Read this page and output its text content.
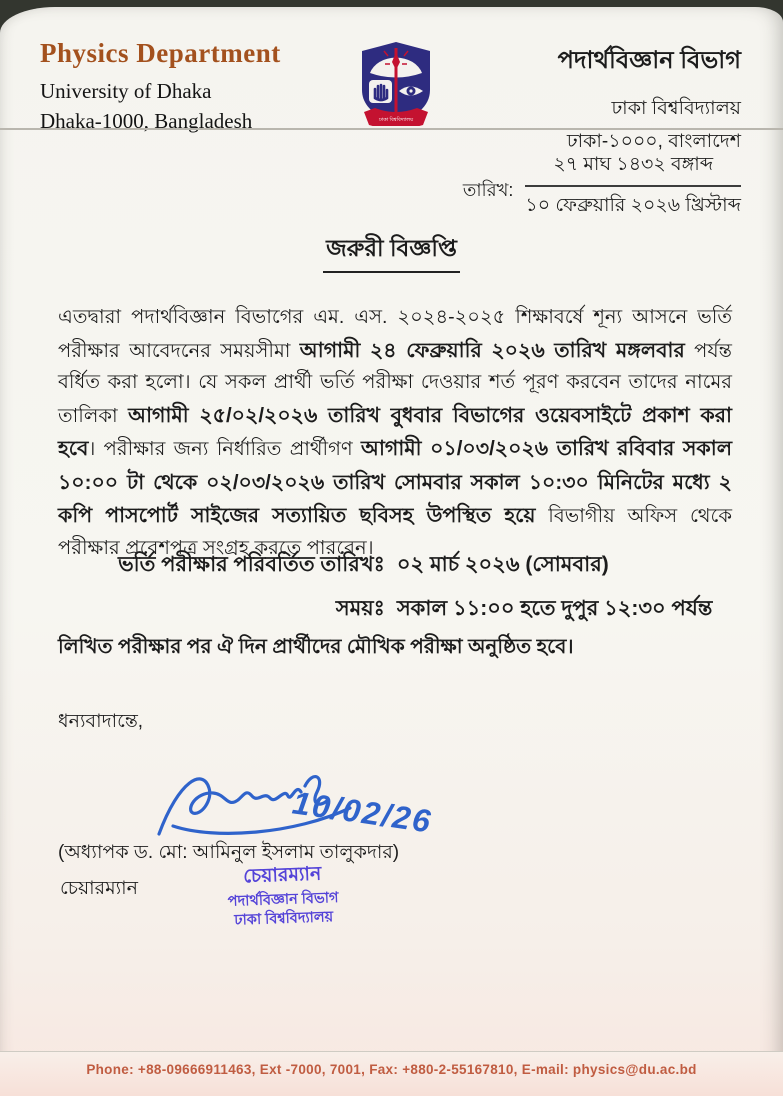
Physics Department
University of Dhaka
Dhaka-1000, Bangladesh	ঢাকা বিশ্ববিদ্যালয়
পদার্থবিজ্ঞান বিভাগ
ঢাকা বিশ্ববিদ্যালয়
ঢাকা-১০০০, বাংলাদেশ
তারিখ:
২৭ মাঘ ১৪৩২ বঙ্গাব্দ
১০ ফেব্রুয়ারি ২০২৬ খ্রিস্টাব্দ
জরুরী বিজ্ঞপ্তি

এতদ্বারা পদার্থবিজ্ঞান বিভাগের এম. এস. ২০২৪-২০২৫ শিক্ষাবর্ষে শূন্য আসনে ভর্তি পরীক্ষার আবেদনের সময়সীমা আগামী ২৪ ফেব্রুয়ারি ২০২৬ তারিখ মঙ্গলবার পর্যন্ত বর্ধিত করা হলো। যে সকল প্রার্থী ভর্তি পরীক্ষা দেওয়ার শর্ত পূরণ করবেন তাদের নামের তালিকা আগামী ২৫/০২/২০২৬ তারিখ বুধবার বিভাগের ওয়েবসাইটে প্রকাশ করা হবে। পরীক্ষার জন্য নির্ধারিত প্রার্থীগণ আগামী ০১/০৩/২০২৬ তারিখ রবিবার সকাল ১০:০০ টা থেকে ০২/০৩/২০২৬ তারিখ সোমবার সকাল ১০:৩০ মিনিটের মধ্যে ২ কপি পাসপোর্ট সাইজের সত্যায়িত ছবিসহ উপস্থিত হয়ে বিভাগীয় অফিস থেকে পরীক্ষার প্রবেশপত্র সংগ্রহ করতে পারবেন।

ভর্তি পরীক্ষার পরিবর্তিত তারিখঃ ০২ মার্চ ২০২৬ (সোমবার)
সময়ঃ সকাল ১১:০০ হতে দুপুর ১২:৩০ পর্যন্ত
লিখিত পরীক্ষার পর ঐ দিন প্রার্থীদের মৌখিক পরীক্ষা অনুষ্ঠিত হবে।
ধন্যবাদান্তে,
10/02/26
(অধ্যাপক ড. মো: আমিনুল ইসলাম তালুকদার)
চেয়ারম্যান
চেয়ারম্যান
পদার্থবিজ্ঞান বিভাগ
ঢাকা বিশ্ববিদ্যালয়
Phone: +88-09666911463, Ext -7000, 7001, Fax: +880-2-55167810, E-mail: physics@du.ac.bd
